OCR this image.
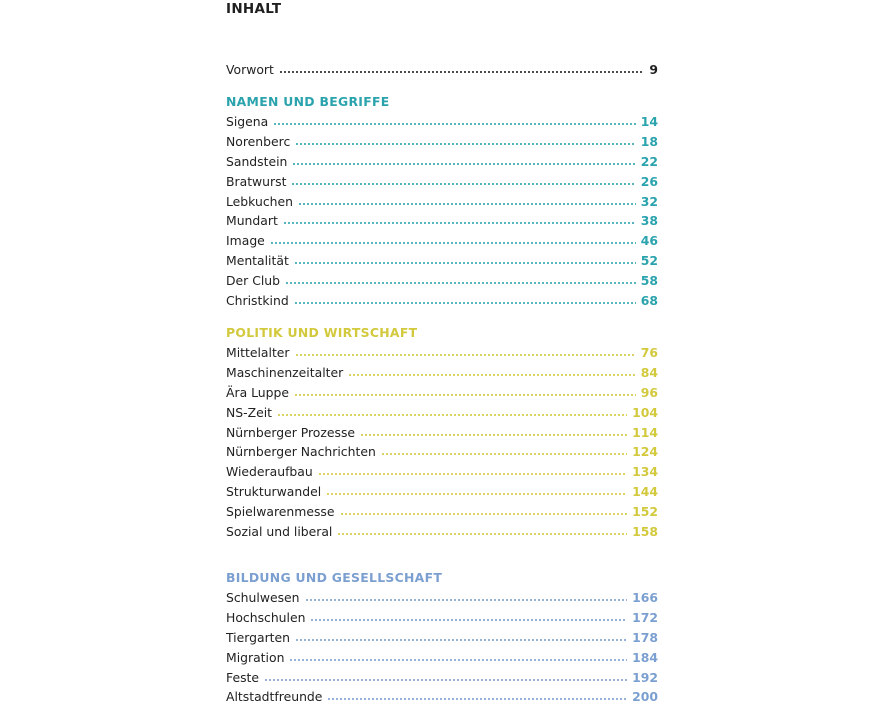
INHALT
Vorwort	9
NAMEN UND BEGRIFFE
Sigena	14
Norenberc	18
Sandstein	22
Bratwurst	26
Lebkuchen	32
Mundart	38
Image	46
Mentalität	52
Der Club	58
Christkind	68
POLITIK UND WIRTSCHAFT
Mittelalter	76
Maschinenzeitalter	84
Ära Luppe	96
NS-Zeit	104
Nürnberger Prozesse	114
Nürnberger Nachrichten	124
Wiederaufbau	134
Strukturwandel	144
Spielwarenmesse	152
Sozial und liberal	158
BILDUNG UND GESELLSCHAFT
Schulwesen	166
Hochschulen	172
Tiergarten	178
Migration	184
Feste	192
Altstadtfreunde	200
